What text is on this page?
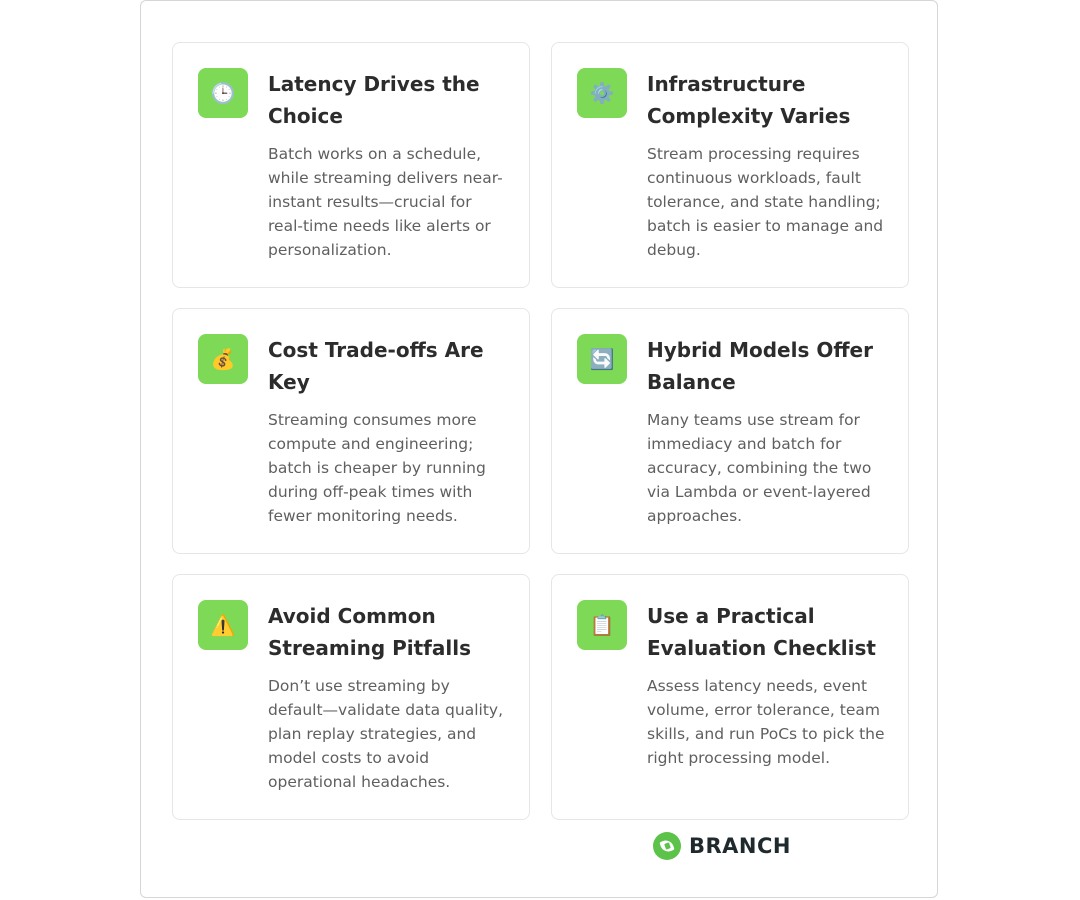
🕒 Latency Drives the Choice

Batch works on a schedule, while streaming delivers near-instant results—crucial for real-time needs like alerts or personalization.

⚙️ Infrastructure Complexity Varies

Stream processing requires continuous workloads, fault tolerance, and state handling; batch is easier to manage and debug.

💰 Cost Trade-offs Are Key

Streaming consumes more compute and engineering; batch is cheaper by running during off-peak times with fewer monitoring needs.

🔄 Hybrid Models Offer Balance

Many teams use stream for immediacy and batch for accuracy, combining the two via Lambda or event-layered approaches.

⚠️ Avoid Common Streaming Pitfalls

Don’t use streaming by default—validate data quality, plan replay strategies, and model costs to avoid operational headaches.

📋 Use a Practical Evaluation Checklist

Assess latency needs, event volume, error tolerance, team skills, and run PoCs to pick the right processing model.

BRANCH
